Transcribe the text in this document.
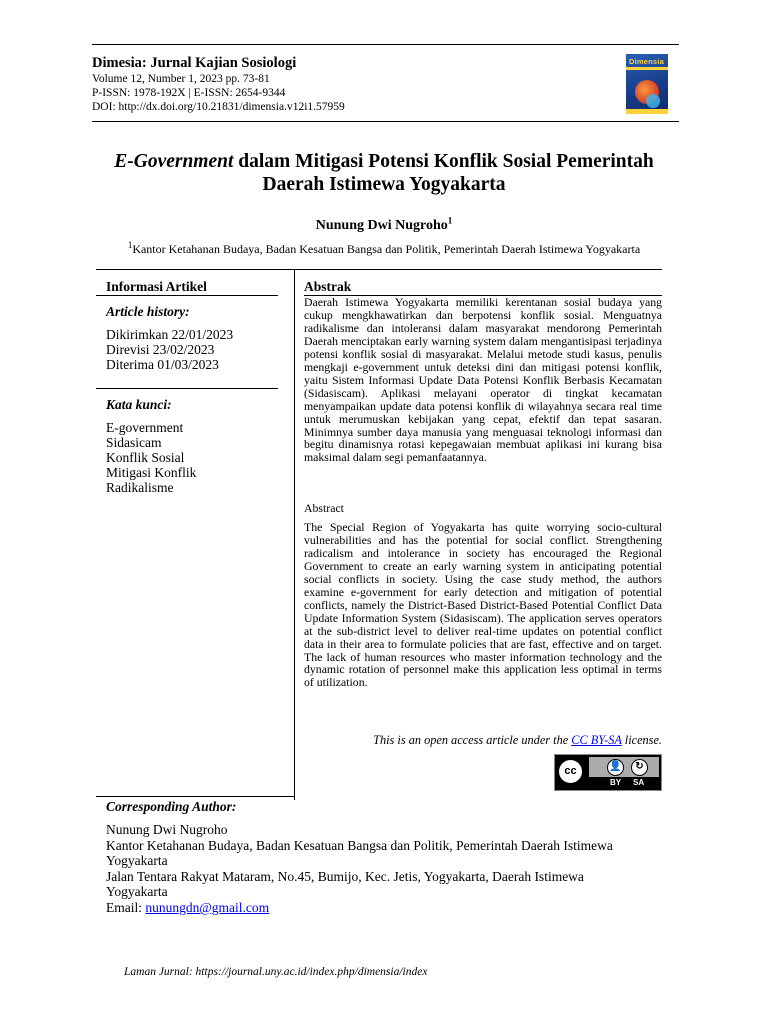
Dimesia: Jurnal Kajian Sosiologi
Volume 12, Number 1, 2023 pp. 73-81
P-ISSN: 1978-192X | E-ISSN: 2654-9344
DOI: http://dx.doi.org/10.21831/dimensia.v12i1.57959
Dimensia
E-Government dalam Mitigasi Potensi Konflik Sosial Pemerintah
Daerah Istimewa Yogyakarta
Nunung Dwi Nugroho$^1$
$^1$Kantor Ketahanan Budaya, Badan Kesatuan Bangsa dan Politik, Pemerintah Daerah Istimewa Yogyakarta
Informasi Artikel
Article history:
Dikirimkan 22/01/2023
Direvisi 23/02/2023
Diterima 01/03/2023
Kata kunci:
E-government
Sidasicam
Konflik Sosial
Mitigasi Konflik
Radikalisme
Abstrak
Daerah Istimewa Yogyakarta memiliki kerentanan sosial budaya yang cukup mengkhawatirkan dan berpotensi konflik sosial. Menguatnya radikalisme dan intoleransi dalam masyarakat mendorong Pemerintah Daerah menciptakan early warning system dalam mengantisipasi terjadinya potensi konflik sosial di masyarakat. Melalui metode studi kasus, penulis mengkaji e-government untuk deteksi dini dan mitigasi potensi konflik, yaitu Sistem Informasi Update Data Potensi Konflik Berbasis Kecamatan (Sidasiscam). Aplikasi melayani operator di tingkat kecamatan menyampaikan update data potensi konflik di wilayahnya secara real time untuk merumuskan kebijakan yang cepat, efektif dan tepat sasaran. Minimnya sumber daya manusia yang menguasai teknologi informasi dan begitu dinamisnya rotasi kepegawaian membuat aplikasi ini kurang bisa maksimal dalam segi pemanfaatannya.
Abstract
The Special Region of Yogyakarta has quite worrying socio-cultural vulnerabilities and has the potential for social conflict. Strengthening radicalism and intolerance in society has encouraged the Regional Government to create an early warning system in anticipating potential social conflicts in society. Using the case study method, the authors examine e-government for early detection and mitigation of potential conflicts, namely the District-Based District-Based Potential Conflict Data Update Information System (Sidasiscam). The application serves operators at the sub-district level to deliver real-time updates on potential conflict data in their area to formulate policies that are fast, effective and on target. The lack of human resources who master information technology and the dynamic rotation of personnel make this application less optimal in terms of utilization.
This is an open access article under the CC BY-SA license.
cc	👤	↻
BY SA
Corresponding Author:
Nunung Dwi Nugroho
Kantor Ketahanan Budaya, Badan Kesatuan Bangsa dan Politik, Pemerintah Daerah Istimewa
Yogyakarta
Jalan Tentara Rakyat Mataram, No.45, Bumijo, Kec. Jetis, Yogyakarta, Daerah Istimewa
Yogyakarta
Email: nunungdn@gmail.com
Laman Jurnal: https://journal.uny.ac.id/index.php/dimensia/index
